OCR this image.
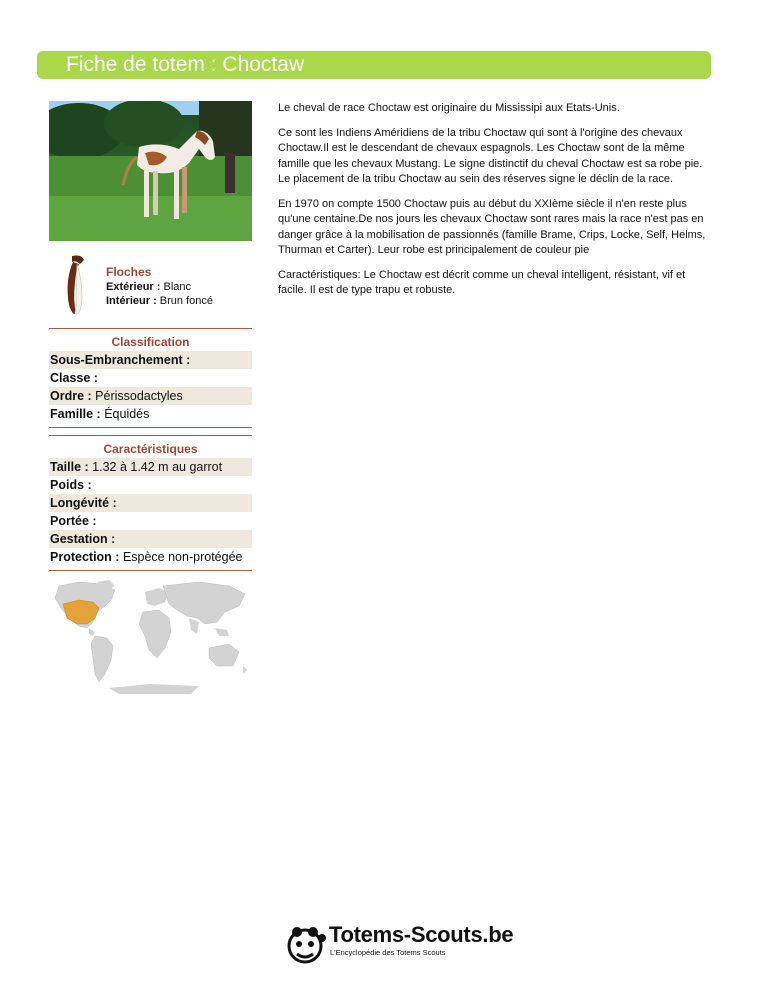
Fiche de totem : Choctaw
Floches
Extérieur : Blanc
Intérieur : Brun foncé
Classification
Sous-Embranchement :
Classe :
Ordre : Périssodactyles
Famille : Équidés
Caractéristiques
Taille : 1.32 à 1.42 m au garrot
Poids :
Longévité :
Portée :
Gestation :
Protection : Espèce non-protégée

Le cheval de race Choctaw est originaire du Mississipi aux Etats-Unis.

Ce sont les Indiens Améridiens de la tribu Choctaw qui sont à l'origine des chevaux Choctaw.Il est le descendant de chevaux espagnols. Les Choctaw sont de la même famille que les chevaux Mustang. Le signe distinctif du cheval Choctaw est sa robe pie. Le placement de la tribu Choctaw au sein des réserves signe le déclin de la race.

En 1970 on compte 1500 Choctaw puis au début du XXIème siècle il n'en reste plus qu'une centaine.De nos jours les chevaux Choctaw sont rares mais la race n'est pas en danger grâce à la mobilisation de passionnés (famille Brame, Crips, Locke, Self, Helms, Thurman et Carter). Leur robe est principalement de couleur pie

Caractéristiques: Le Choctaw est décrit comme un cheval intelligent, résistant, vif et facile. Il est de type trapu et robuste.

Totems-Scouts.be
L'Encyclopédie des Totems Scouts
